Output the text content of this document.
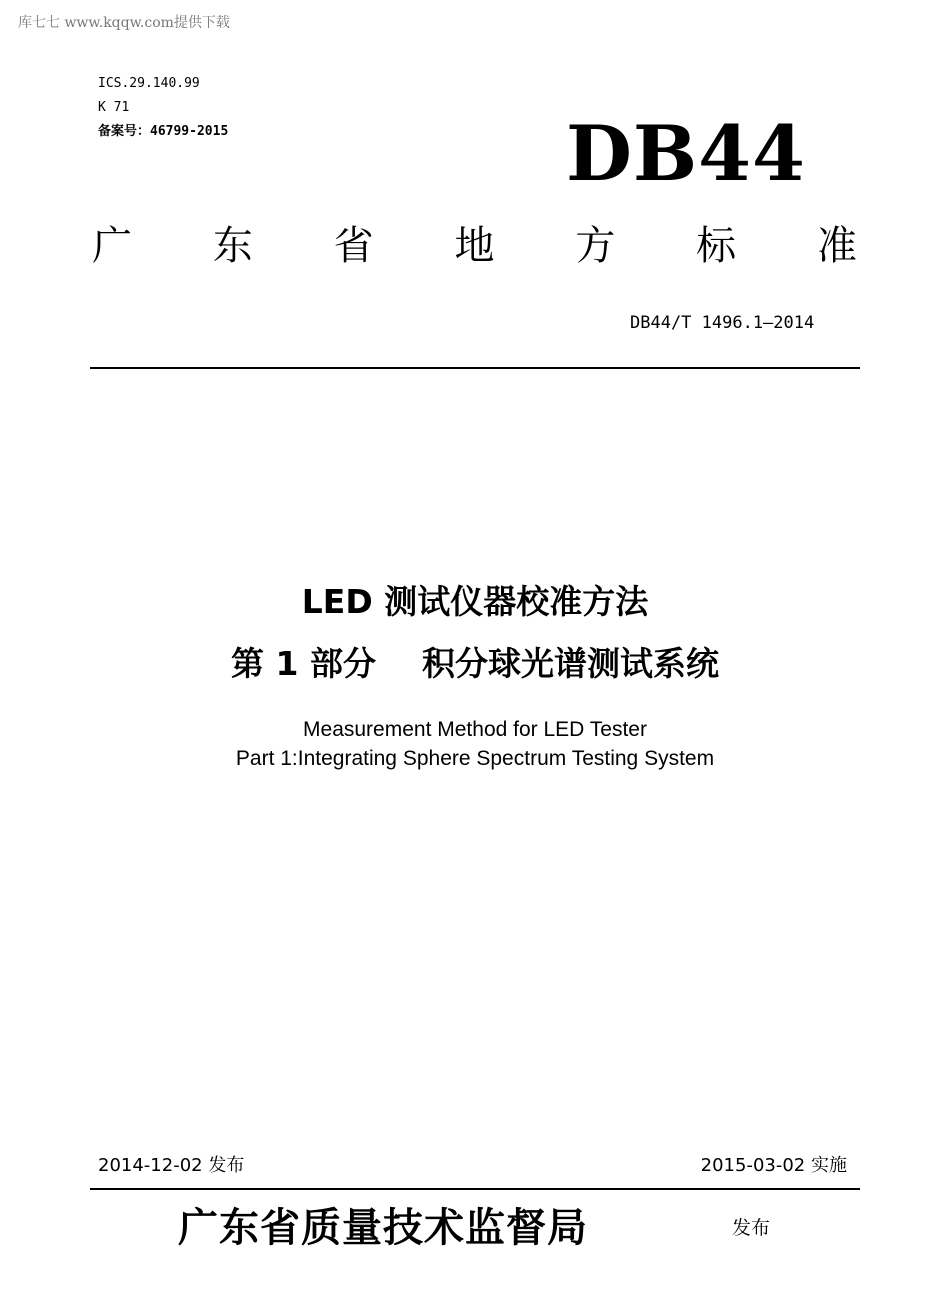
库七七 www.kqqw.com提供下载
ICS.29.140.99
K 71
备案号：46799-2015	DB44
广 东 省 地 方 标 准
DB44/T 1496.1—2014
LED 测试仪器校准方法
第 1 部分 积分球光谱测试系统
Measurement Method for LED Tester
Part 1:Integrating Sphere Spectrum Testing System
2014-12-02 发布	2015-03-02 实施
广东省质量技术监督局	发布
